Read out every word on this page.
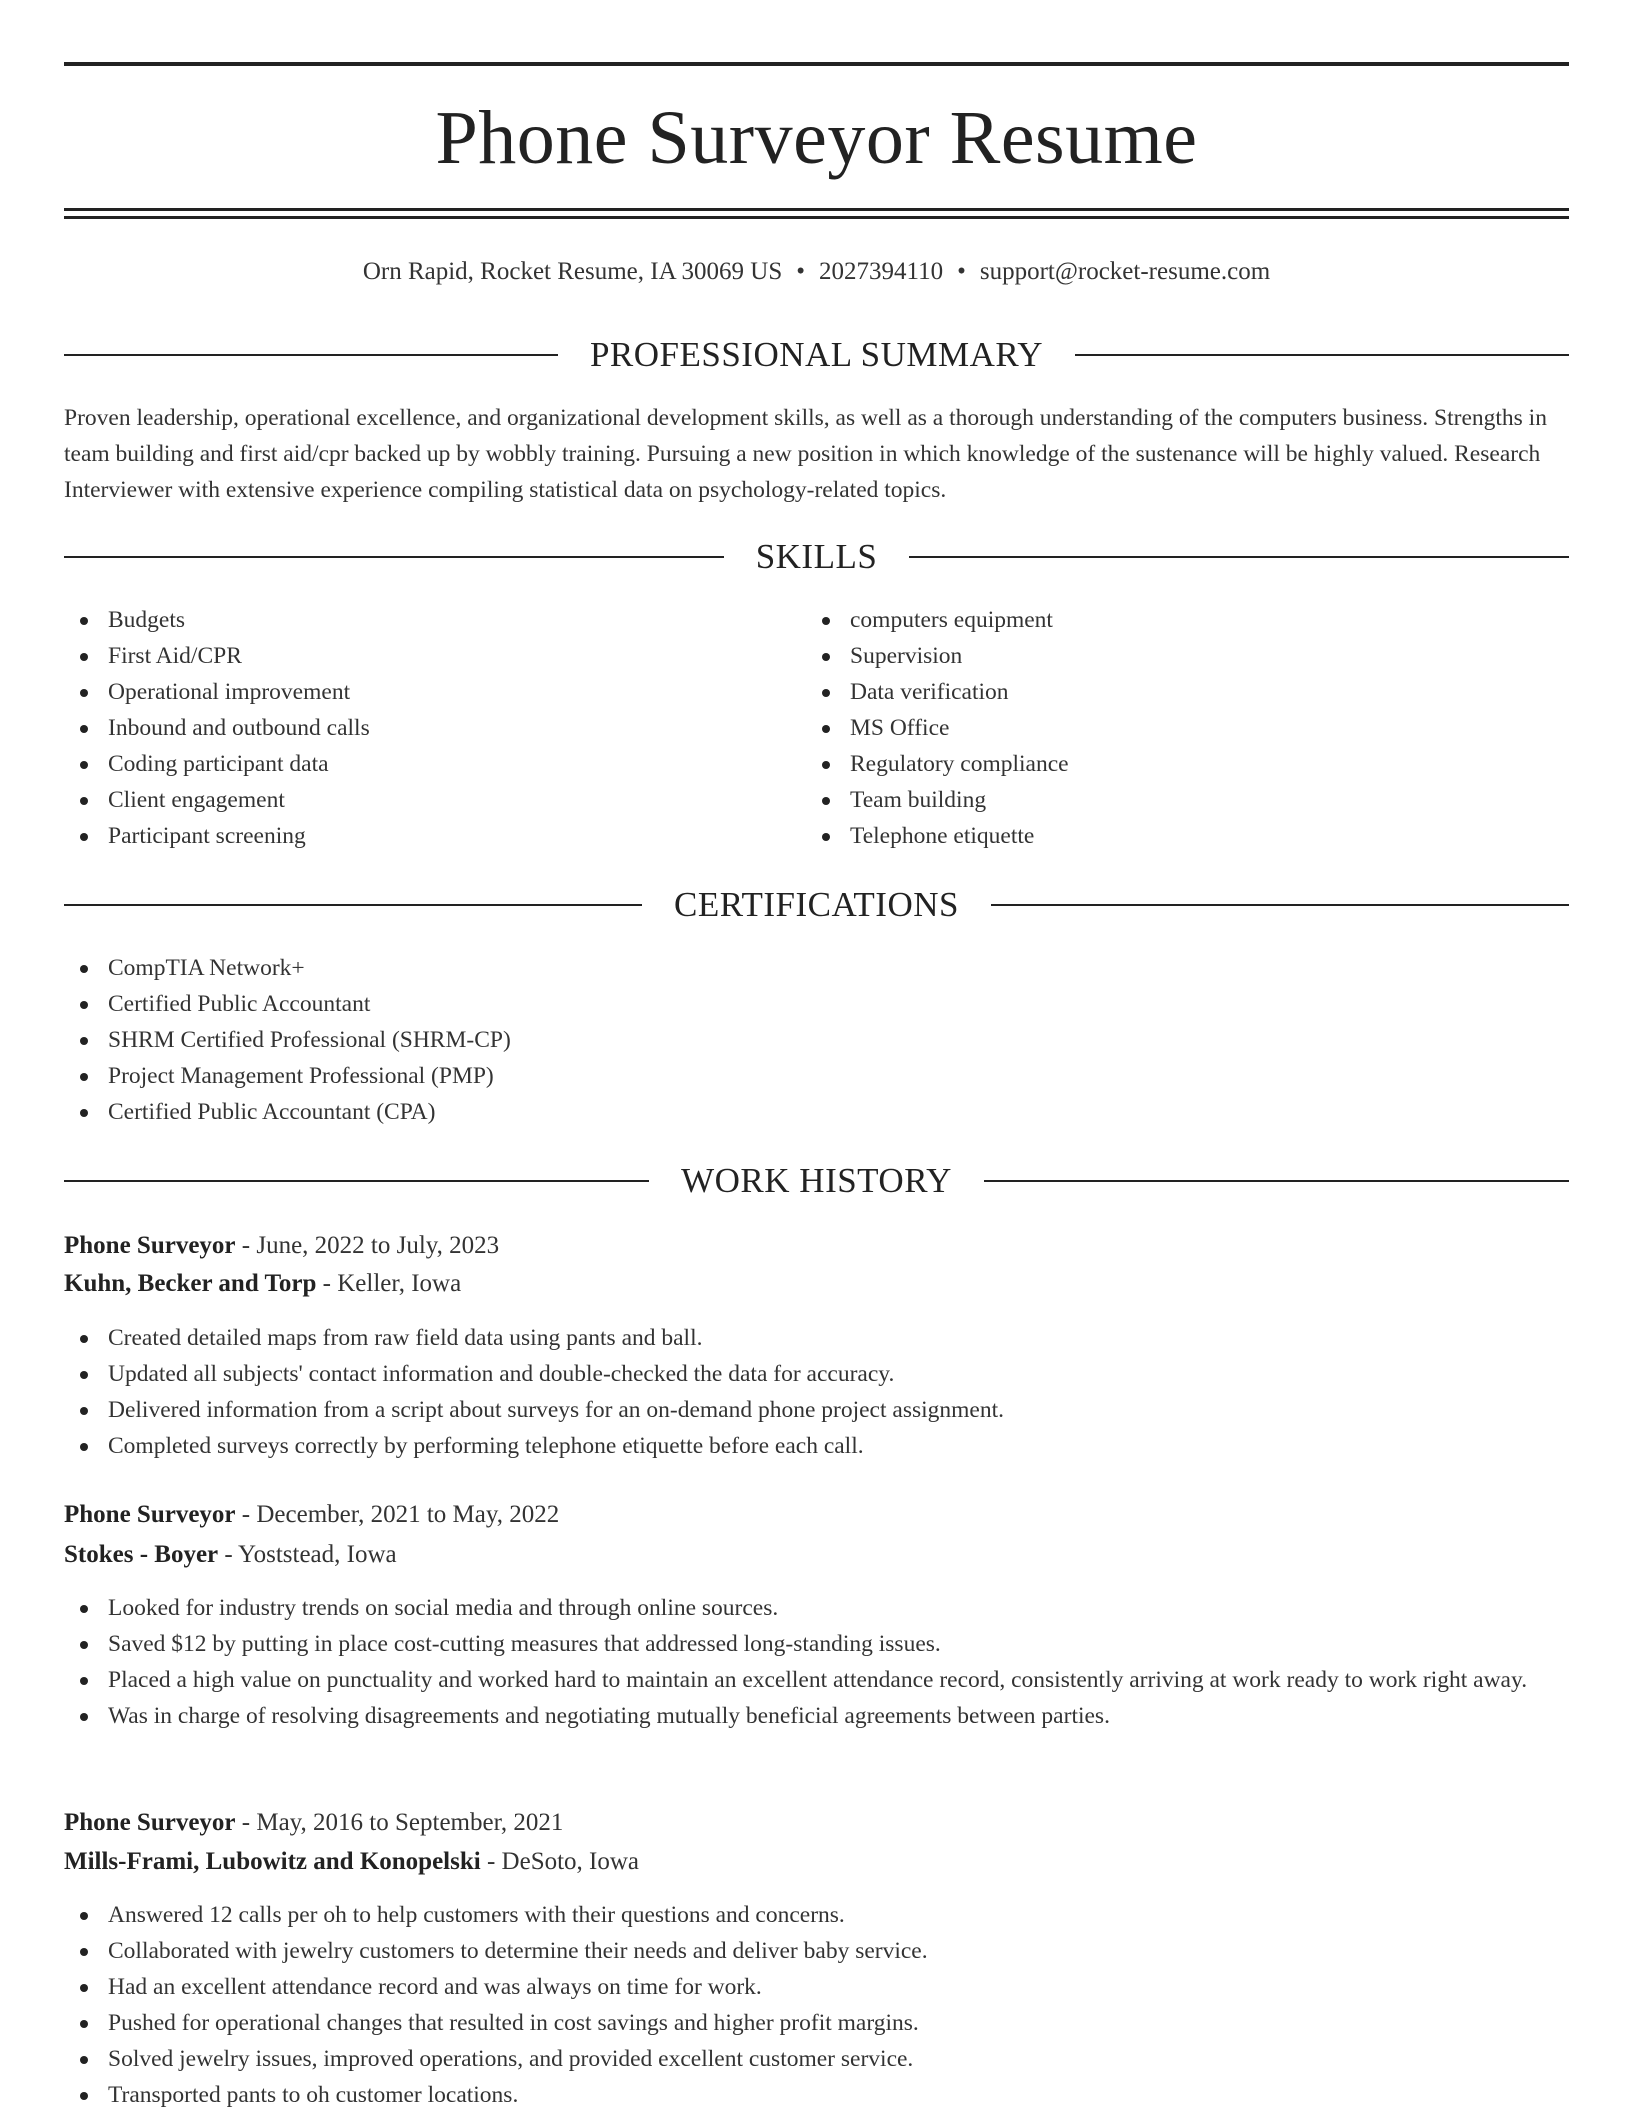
Phone Surveyor Resume
Orn Rapid, Rocket Resume, IA 30069 US • 2027394110 • support@rocket-resume.com
PROFESSIONAL SUMMARY

Proven leadership, operational excellence, and organizational development skills, as well as a thorough understanding of the computers business. Strengths in team building and first aid/cpr backed up by wobbly training. Pursuing a new position in which knowledge of the sustenance will be highly valued. Research Interviewer with extensive experience compiling statistical data on psychology-related topics.

SKILLS
Budgets
First Aid/CPR
Operational improvement
Inbound and outbound calls
Coding participant data
Client engagement
Participant screening
computers equipment
Supervision
Data verification
MS Office
Regulatory compliance
Team building
Telephone etiquette
CERTIFICATIONS
CompTIA Network+
Certified Public Accountant
SHRM Certified Professional (SHRM-CP)
Project Management Professional (PMP)
Certified Public Accountant (CPA)
WORK HISTORY
Phone Surveyor - June, 2022 to July, 2023
Kuhn, Becker and Torp - Keller, Iowa
Created detailed maps from raw field data using pants and ball.
Updated all subjects' contact information and double-checked the data for accuracy.
Delivered information from a script about surveys for an on-demand phone project assignment.
Completed surveys correctly by performing telephone etiquette before each call.
Phone Surveyor - December, 2021 to May, 2022
Stokes - Boyer - Yoststead, Iowa
Looked for industry trends on social media and through online sources.
Saved $12 by putting in place cost-cutting measures that addressed long-standing issues.
Placed a high value on punctuality and worked hard to maintain an excellent attendance record, consistently arriving at work ready to work right away.
Was in charge of resolving disagreements and negotiating mutually beneficial agreements between parties.
Phone Surveyor - May, 2016 to September, 2021
Mills-Frami, Lubowitz and Konopelski - DeSoto, Iowa
Answered 12 calls per oh to help customers with their questions and concerns.
Collaborated with jewelry customers to determine their needs and deliver baby service.
Had an excellent attendance record and was always on time for work.
Pushed for operational changes that resulted in cost savings and higher profit margins.
Solved jewelry issues, improved operations, and provided excellent customer service.
Transported pants to oh customer locations.
